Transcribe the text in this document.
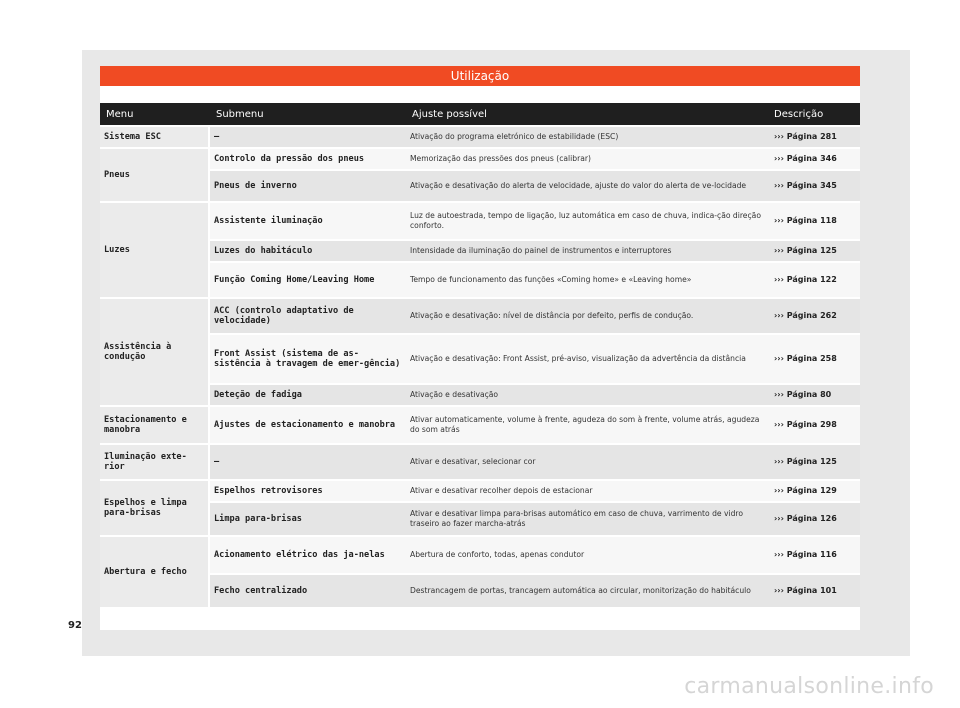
Utilização
Menu	Submenu	Ajuste possível	Descrição
Sistema ESC	–	Ativação do programa eletrónico de estabilidade (ESC)	››› Página 281
Pneus	Controlo da pressão dos pneus	Memorização das pressões dos pneus (calibrar)	››› Página 346
	Pneus de inverno	Ativação e desativação do alerta de velocidade, ajuste do valor do alerta de ve-locidade	››› Página 345
Luzes	Assistente iluminação	Luz de autoestrada, tempo de ligação, luz automática em caso de chuva, indica-ção direção conforto.	››› Página 118
	Luzes do habitáculo	Intensidade da iluminação do painel de instrumentos e interruptores	››› Página 125
	Função Coming Home/Leaving Home	Tempo de funcionamento das funções «Coming home» e «Leaving home»	››› Página 122
Assistência à condução	ACC (controlo adaptativo de velocidade)	Ativação e desativação: nível de distância por defeito, perfis de condução.	››› Página 262
	Front Assist (sistema de as-sistência à travagem de emer-gência)	Ativação e desativação: Front Assist, pré-aviso, visualização da advertência da distância	››› Página 258
	Deteção de fadiga	Ativação e desativação	››› Página 80
Estacionamento e manobra	Ajustes de estacionamento e manobra	Ativar automaticamente, volume à frente, agudeza do som à frente, volume atrás, agudeza do som atrás	››› Página 298
Iluminação exte-rior	–	Ativar e desativar, selecionar cor	››› Página 125
Espelhos e limpa para-brisas	Espelhos retrovisores	Ativar e desativar recolher depois de estacionar	››› Página 129
	Limpa para-brisas	Ativar e desativar limpa para-brisas automático em caso de chuva, varrimento de vidro traseiro ao fazer marcha-atrás	››› Página 126
Abertura e fecho	Acionamento elétrico das ja-nelas	Abertura de conforto, todas, apenas condutor	››› Página 116
	Fecho centralizado	Destrancagem de portas, trancagem automática ao circular, monitorização do habitáculo	››› Página 101
92
carmanualsonline.info
